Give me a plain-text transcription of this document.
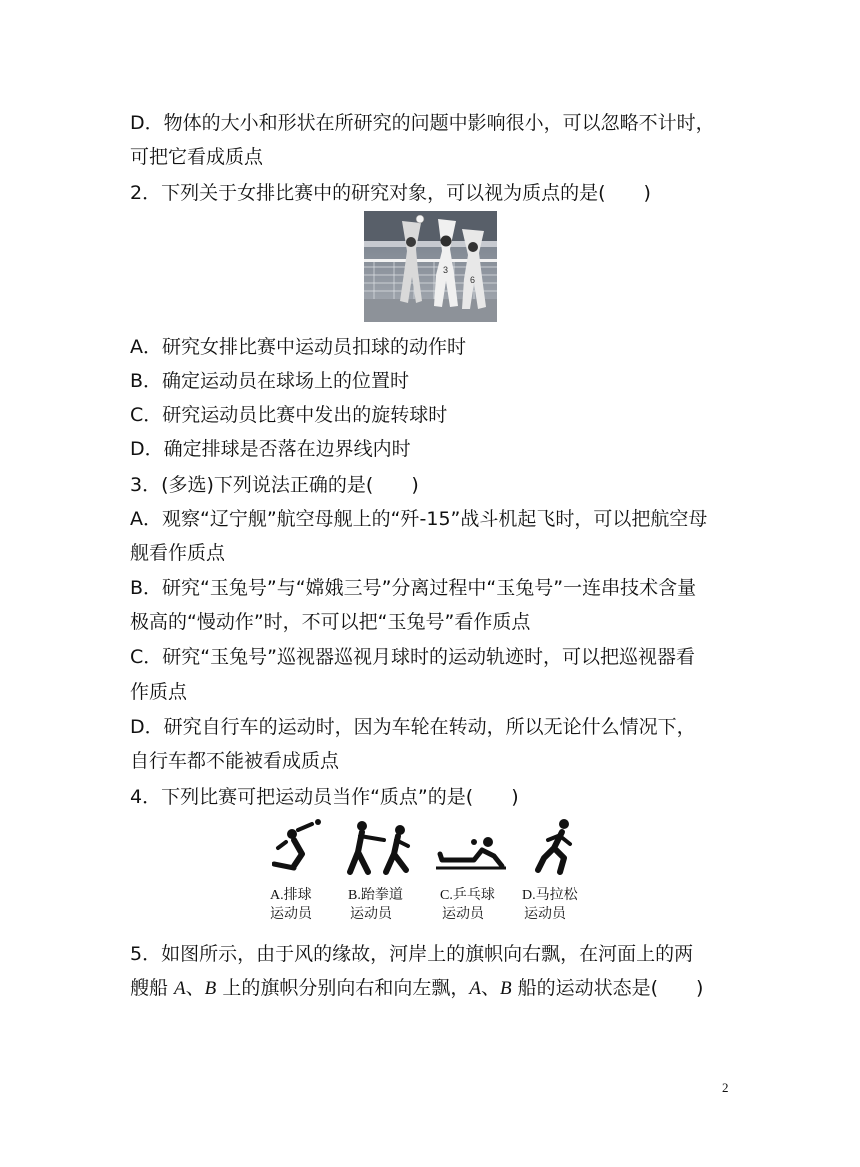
D．物体的大小和形状在所研究的问题中影响很小，可以忽略不计时，
可把它看成质点
2．下列关于女排比赛中的研究对象，可以视为质点的是(　　)
3
6
A．研究女排比赛中运动员扣球的动作时
B．确定运动员在球场上的位置时
C．研究运动员比赛中发出的旋转球时
D．确定排球是否落在边界线内时
3．(多选)下列说法正确的是(　　)
A．观察“辽宁舰”航空母舰上的“歼-15”战斗机起飞时，可以把航空母
舰看作质点
B．研究“玉兔号”与“嫦娥三号”分离过程中“玉兔号”一连串技术含量
极高的“慢动作”时，不可以把“玉兔号”看作质点
C．研究“玉兔号”巡视器巡视月球时的运动轨迹时，可以把巡视器看
作质点
D．研究自行车的运动时，因为车轮在转动，所以无论什么情况下，
自行车都不能被看成质点
4．下列比赛可把运动员当作“质点”的是(　　)
A.排球
运动员
B.跆拳道
运动员
C.乒乓球
运动员
D.马拉松
运动员
5．如图所示，由于风的缘故，河岸上的旗帜向右飘，在河面上的两
艘船 A、B 上的旗帜分别向右和向左飘，A、B 船的运动状态是(　　)
2
